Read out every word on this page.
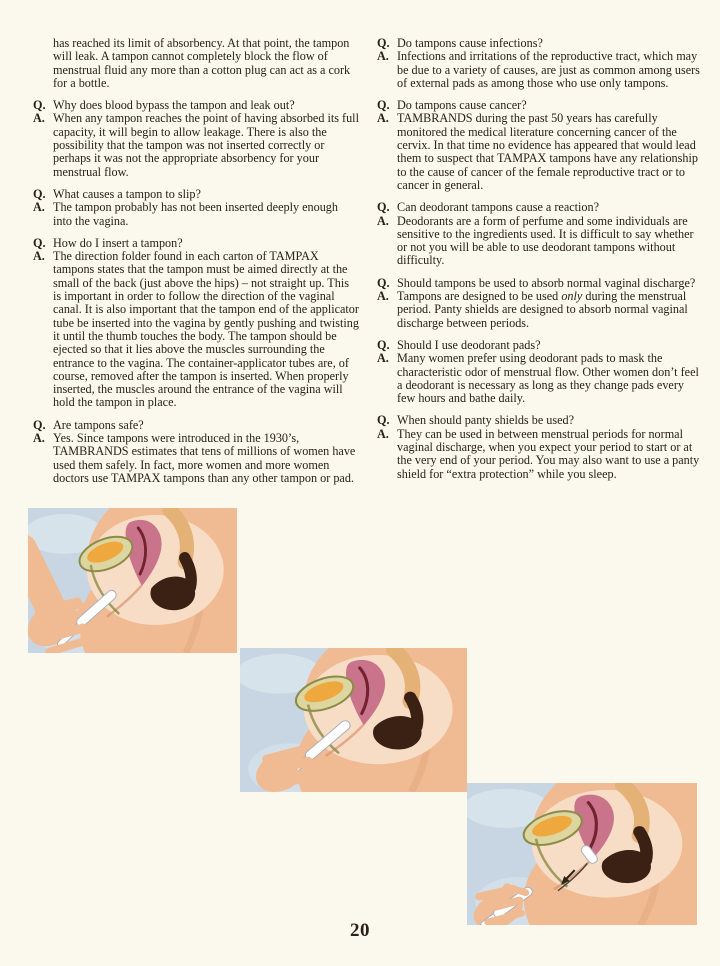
has reached its limit of absorbency. At that point, the tampon will leak. A tampon cannot completely block the flow of menstrual fluid any more than a cotton plug can act as a cork for a bottle.
Q. Why does blood bypass the tampon and leak out?
A. When any tampon reaches the point of having absorbed its full capacity, it will begin to allow leakage. There is also the possibility that the tampon was not inserted correctly or perhaps it was not the appropriate absorbency for your menstrual flow.
Q. What causes a tampon to slip?
A. The tampon probably has not been inserted deeply enough into the vagina.
Q. How do I insert a tampon?
A. The direction folder found in each carton of TAMPAX tampons states that the tampon must be aimed directly at the small of the back (just above the hips) – not straight up. This is important in order to follow the direction of the vaginal canal. It is also important that the tampon end of the applicator tube be inserted into the vagina by gently pushing and twisting it until the thumb touches the body. The tampon should be ejected so that it lies above the muscles surrounding the entrance to the vagina. The container-applicator tubes are, of course, removed after the tampon is inserted. When properly inserted, the muscles around the entrance of the vagina will hold the tampon in place.
Q. Are tampons safe?
A. Yes. Since tampons were introduced in the 1930’s, TAMBRANDS estimates that tens of millions of women have used them safely. In fact, more women and more women doctors use TAMPAX tampons than any other tampon or pad.
Q. Do tampons cause infections?
A. Infections and irritations of the reproductive tract, which may be due to a variety of causes, are just as common among users of external pads as among those who use only tampons.
Q. Do tampons cause cancer?
A. TAMBRANDS during the past 50 years has carefully monitored the medical literature concerning cancer of the cervix. In that time no evidence has appeared that would lead them to suspect that TAMPAX tampons have any relationship to the cause of cancer of the female reproductive tract or to cancer in general.
Q. Can deodorant tampons cause a reaction?
A. Deodorants are a form of perfume and some individuals are sensitive to the ingredients used. It is difficult to say whether or not you will be able to use deodorant tampons without difficulty.
Q. Should tampons be used to absorb normal vaginal discharge?
A. Tampons are designed to be used only during the menstrual period. Panty shields are designed to absorb normal vaginal discharge between periods.
Q. Should I use deodorant pads?
A. Many women prefer using deodorant pads to mask the characteristic odor of menstrual flow. Other women don’t feel a deodorant is necessary as long as they change pads every few hours and bathe daily.
Q. When should panty shields be used?
A. They can be used in between menstrual periods for normal vaginal discharge, when you expect your period to start or at the very end of your period. You may also want to use a panty shield for “extra protection” while you sleep.
20
